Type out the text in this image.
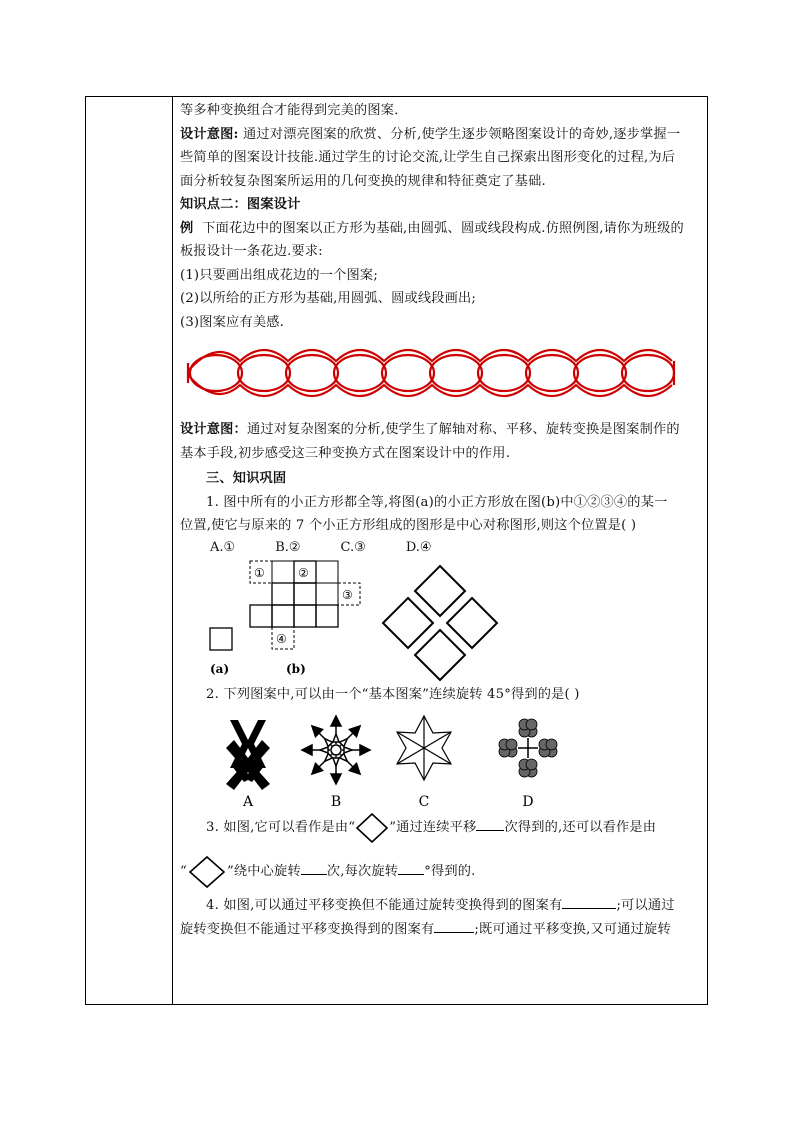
等多种变换组合才能得到完美的图案．
设计意图: 通过对漂亮图案的欣赏、分析,使学生逐步领略图案设计的奇妙,逐步掌握一
些简单的图案设计技能.通过学生的讨论交流,让学生自己探索出图形变化的过程,为后
面分析较复杂图案所运用的几何变换的规律和特征奠定了基础.
知识点二：图案设计
例 下面花边中的图案以正方形为基础,由圆弧、圆或线段构成.仿照例图,请你为班级的
板报设计一条花边.要求:
(1)只要画出组成花边的一个图案;
(2)以所给的正方形为基础,用圆弧、圆或线段画出;
(3)图案应有美感.
设计意图：通过对复杂图案的分析,使学生了解轴对称、平移、旋转变换是图案制作的
基本手段,初步感受这三种变换方式在图案设计中的作用.
三、知识巩固
1. 图中所有的小正方形都全等,将图(a)的小正方形放在图(b)中①②③④的某一
位置,使它与原来的 7 个小正方形组成的图形是中心对称图形,则这个位置是( )
A.①	B.②	C.③	D.④
(a)
①	②
③
④
(b)
2. 下列图案中,可以由一个“基本图案”连续旋转 45°得到的是( )
A	B	C	D
3. 如图,它可以看作是由“	”通过连续平移 次得到的,还可以看作是由
“	”绕中心旋转 次,每次旋转 °得到的.
4. 如图,可以通过平移变换但不能通过旋转变换得到的图案有	;可以通过
旋转变换但不能通过平移变换得到的图案有	;既可通过平移变换,又可通过旋转
